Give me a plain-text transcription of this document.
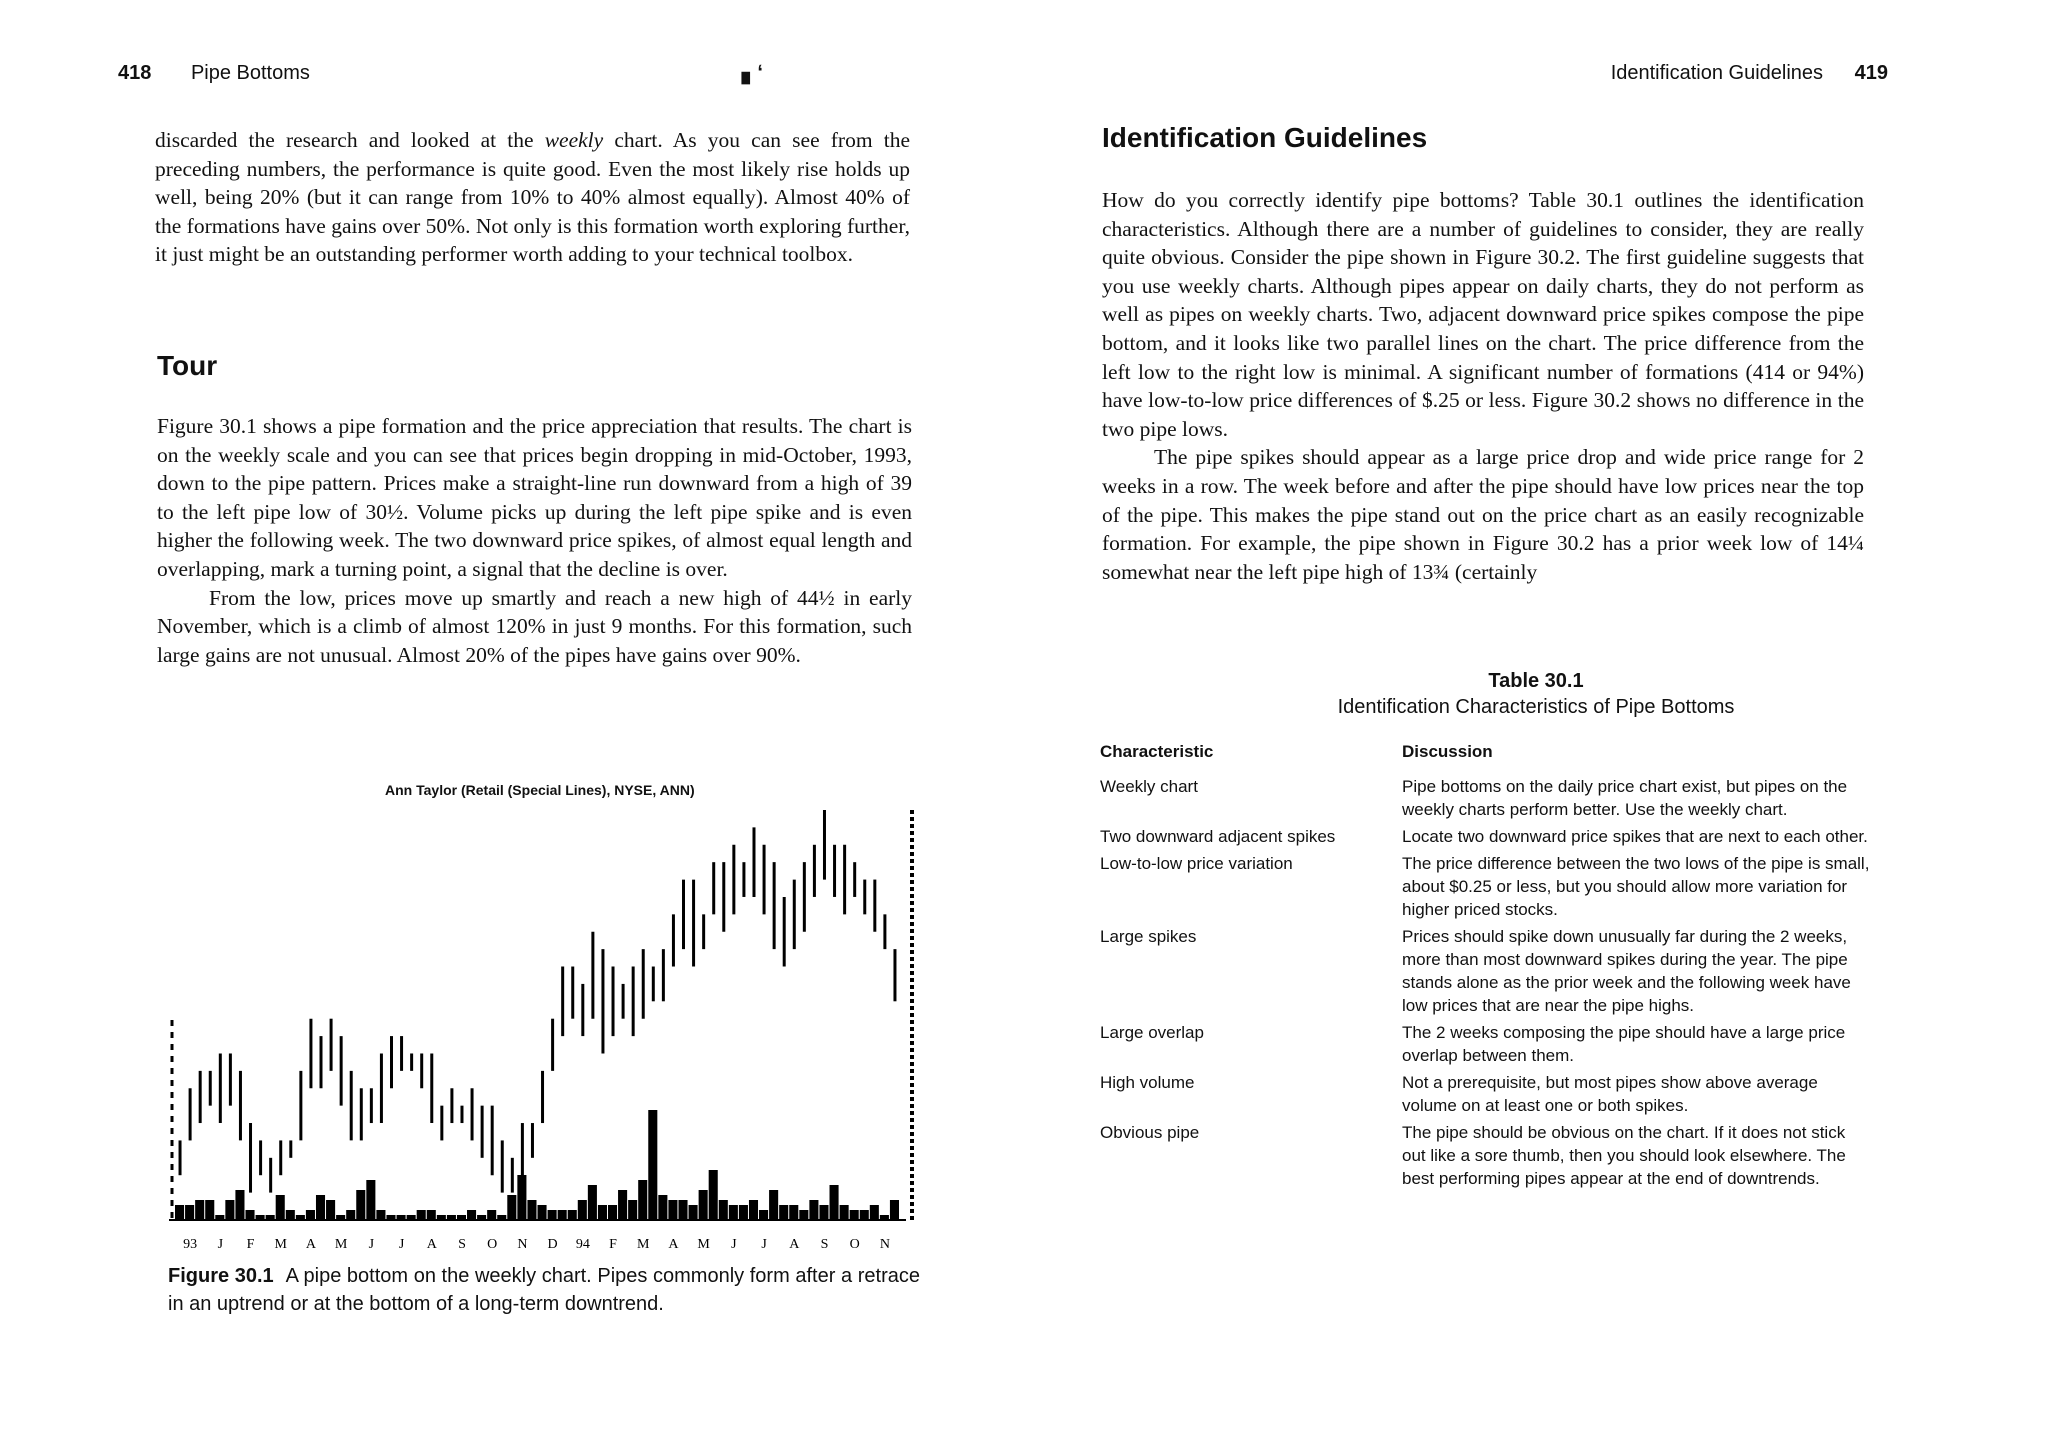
418 Pipe Bottoms	▖ʻ

discarded the research and looked at the weekly chart. As you can see from the preceding numbers, the performance is quite good. Even the most likely rise holds up well, being 20% (but it can range from 10% to 40% almost equally). Almost 40% of the formations have gains over 50%. Not only is this formation worth exploring further, it just might be an outstanding performer worth adding to your technical toolbox.

Tour

Figure 30.1 shows a pipe formation and the price appreciation that results. The chart is on the weekly scale and you can see that prices begin dropping in mid-October, 1993, down to the pipe pattern. Prices make a straight-line run downward from a high of 39 to the left pipe low of 30½. Volume picks up during the left pipe spike and is even higher the following week. The two downward price spikes, of almost equal length and overlapping, mark a turning point, a signal that the decline is over.

From the low, prices move up smartly and reach a new high of 44½ in early November, which is a climb of almost 120% in just 9 months. For this formation, such large gains are not unusual. Almost 20% of the pipes have gains over 90%.

Ann Taylor (Retail (Special Lines), NYSE, ANN)
93 J F M A M J J A S O N D 94 F M A M J J A S O N
Figure 30.1 A pipe bottom on the weekly chart. Pipes commonly form after a retrace in an uptrend or at the bottom of a long-term downtrend.
Identification Guidelines 419
Identification Guidelines

How do you correctly identify pipe bottoms? Table 30.1 outlines the identification characteristics. Although there are a number of guidelines to consider, they are really quite obvious. Consider the pipe shown in Figure 30.2. The first guideline suggests that you use weekly charts. Although pipes appear on daily charts, they do not perform as well as pipes on weekly charts. Two, adjacent downward price spikes compose the pipe bottom, and it looks like two parallel lines on the chart. The price difference from the left low to the right low is minimal. A significant number of formations (414 or 94%) have low-to-low price differences of $.25 or less. Figure 30.2 shows no difference in the two pipe lows.

The pipe spikes should appear as a large price drop and wide price range for 2 weeks in a row. The week before and after the pipe should have low prices near the top of the pipe. This makes the pipe stand out on the price chart as an easily recognizable formation. For example, the pipe shown in Figure 30.2 has a prior week low of 14¼ somewhat near the left pipe high of 13¾ (certainly

Table 30.1
Identification Characteristics of Pipe Bottoms
Characteristic	Discussion
Weekly chart	Pipe bottoms on the daily price chart exist, but pipes on the weekly charts perform better. Use the weekly chart.
Two downward adjacent spikes	Locate two downward price spikes that are next to each other.
Low-to-low price variation	The price difference between the two lows of the pipe is small, about $0.25 or less, but you should allow more variation for higher priced stocks.
Large spikes	Prices should spike down unusually far during the 2 weeks, more than most downward spikes during the year. The pipe stands alone as the prior week and the following week have low prices that are near the pipe highs.
Large overlap	The 2 weeks composing the pipe should have a large price overlap between them.
High volume	Not a prerequisite, but most pipes show above average volume on at least one or both spikes.
Obvious pipe	The pipe should be obvious on the chart. If it does not stick out like a sore thumb, then you should look elsewhere. The best performing pipes appear at the end of downtrends.
